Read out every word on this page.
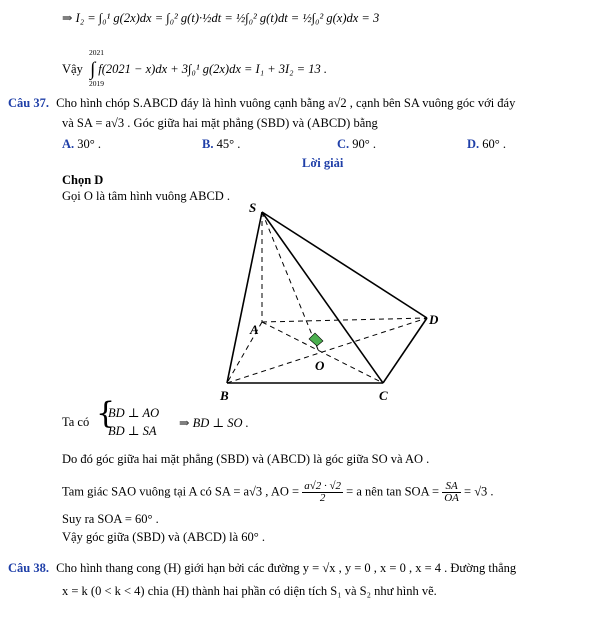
⇒ I₂ = ∫₀¹ g(2x)dx = ∫₀² g(t)·½dt = ½∫₀² g(t)dt = ½∫₀² g(x)dx = 3
Vậy ∫
2021
2019
f(2021 − x)dx + 3∫₀¹ g(2x)dx = I₁ + 3I₂ = 13 .
Câu 37. Cho hình chóp S.ABCD đáy là hình vuông cạnh bằng a√2 , cạnh bên SA vuông góc với đáy
và SA = a√3 . Góc giữa hai mặt phẳng (SBD) và (ABCD) bằng
A. 30° .	B. 45° .	C. 90° .	D. 60° .
Lời giải
Chọn D
Gọi O là tâm hình vuông ABCD .
S
A
B	C
D
O
Ta có {
BD ⊥ AO
BD ⊥ SA
⇒ BD ⊥ SO .
Do đó góc giữa hai mặt phẳng (SBD) và (ABCD) là góc giữa SO và AO .
Tam giác SAO vuông tại A có SA = a√3 , AO = $\frac{a√2 \cdot √2}{2} = a$ nên tan SOA = $\frac{SA}{OA} = √3$ .
Suy ra SOA = 60° .
Vậy góc giữa (SBD) và (ABCD) là 60° .
Câu 38. Cho hình thang cong (H) giới hạn bởi các đường y = √x , y = 0 , x = 0 , x = 4 . Đường thẳng
x = k (0 < k < 4) chia (H) thành hai phần có diện tích S₁ và S₂ như hình vẽ.
